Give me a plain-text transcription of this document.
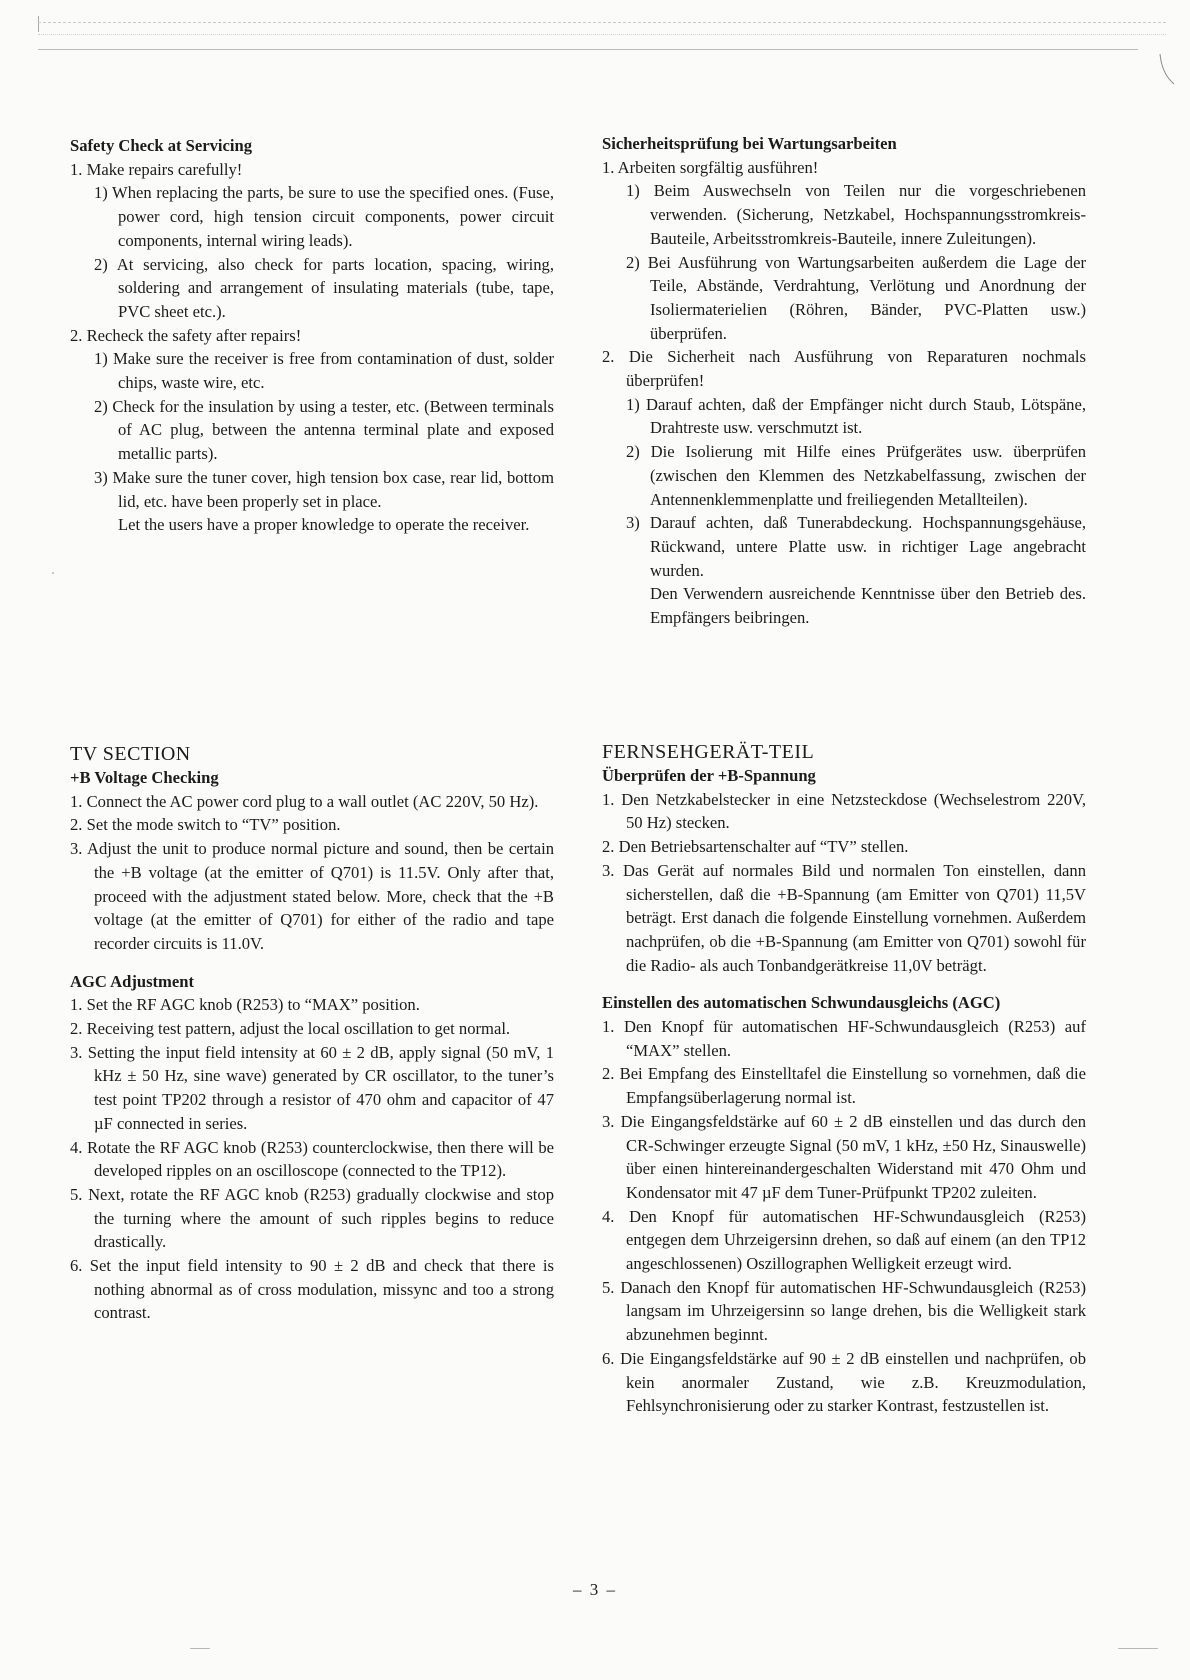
Safety Check at Servicing

1. Make repairs carefully!

1) When replacing the parts, be sure to use the specified ones. (Fuse, power cord, high tension circuit components, power circuit components, internal wiring leads).

2) At servicing, also check for parts location, spacing, wiring, soldering and arrangement of insulating materials (tube, tape, PVC sheet etc.).

2. Recheck the safety after repairs!

1) Make sure the receiver is free from contamination of dust, solder chips, waste wire, etc.

2) Check for the insulation by using a tester, etc. (Between terminals of AC plug, between the antenna terminal plate and exposed metallic parts).

3) Make sure the tuner cover, high tension box case, rear lid, bottom lid, etc. have been properly set in place.

Let the users have a proper knowledge to operate the receiver.

Sicherheitsprüfung bei Wartungsarbeiten

1. Arbeiten sorgfältig ausführen!

1) Beim Auswechseln von Teilen nur die vorgeschriebenen verwenden. (Sicherung, Netzkabel, Hochspannungsstromkreis-Bauteile, Arbeitsstromkreis-Bauteile, innere Zuleitungen).

2) Bei Ausführung von Wartungsarbeiten außerdem die Lage der Teile, Abstände, Verdrahtung, Verlötung und Anordnung der Isoliermaterielien (Röhren, Bänder, PVC-Platten usw.) überprüfen.

2. Die Sicherheit nach Ausführung von Reparaturen nochmals überprüfen!

1) Darauf achten, daß der Empfänger nicht durch Staub, Lötspäne, Drahtreste usw. verschmutzt ist.

2) Die Isolierung mit Hilfe eines Prüfgerätes usw. überprüfen (zwischen den Klemmen des Netzkabelfassung, zwischen der Antennenklemmenplatte und freiliegenden Metallteilen).

3) Darauf achten, daß Tunerabdeckung. Hochspannungsgehäuse, Rückwand, untere Platte usw. in richtiger Lage angebracht wurden.

Den Verwendern ausreichende Kenntnisse über den Betrieb des. Empfängers beibringen.

TV SECTION
+B Voltage Checking

1. Connect the AC power cord plug to a wall outlet (AC 220V, 50 Hz).

2. Set the mode switch to “TV” position.

3. Adjust the unit to produce normal picture and sound, then be certain the +B voltage (at the emitter of Q701) is 11.5V. Only after that, proceed with the adjustment stated below. More, check that the +B voltage (at the emitter of Q701) for either of the radio and tape recorder circuits is 11.0V.

AGC Adjustment

1. Set the RF AGC knob (R253) to “MAX” position.

2. Receiving test pattern, adjust the local oscillation to get normal.

3. Setting the input field intensity at 60 ± 2 dB, apply signal (50 mV, 1 kHz ± 50 Hz, sine wave) generated by CR oscillator, to the tuner’s test point TP202 through a resistor of 470 ohm and capacitor of 47 µF connected in series.

4. Rotate the RF AGC knob (R253) counterclockwise, then there will be developed ripples on an oscilloscope (connected to the TP12).

5. Next, rotate the RF AGC knob (R253) gradually clockwise and stop the turning where the amount of such ripples begins to reduce drastically.

6. Set the input field intensity to 90 ± 2 dB and check that there is nothing abnormal as of cross modulation, missync and too a strong contrast.

FERNSEHGERÄT-TEIL
Überprüfen der +B-Spannung

1. Den Netzkabelstecker in eine Netzsteckdose (Wechselestrom 220V, 50 Hz) stecken.

2. Den Betriebsartenschalter auf “TV” stellen.

3. Das Gerät auf normales Bild und normalen Ton einstellen, dann sicherstellen, daß die +B-Spannung (am Emitter von Q701) 11,5V beträgt. Erst danach die folgende Einstellung vornehmen. Außerdem nachprüfen, ob die +B-Spannung (am Emitter von Q701) sowohl für die Radio- als auch Tonbandgerätkreise 11,0V beträgt.

Einstellen des automatischen Schwundausgleichs (AGC)

1. Den Knopf für automatischen HF-Schwundausgleich (R253) auf “MAX” stellen.

2. Bei Empfang des Einstelltafel die Einstellung so vornehmen, daß die Empfangsüberlagerung normal ist.

3. Die Eingangsfeldstärke auf 60 ± 2 dB einstellen und das durch den CR-Schwinger erzeugte Signal (50 mV, 1 kHz, ±50 Hz, Sinauswelle) über einen hintereinandergeschalten Widerstand mit 470 Ohm und Kondensator mit 47 µF dem Tuner-Prüfpunkt TP202 zuleiten.

4. Den Knopf für automatischen HF-Schwundausgleich (R253) entgegen dem Uhrzeigersinn drehen, so daß auf einem (an den TP12 angeschlossenen) Oszillographen Welligkeit erzeugt wird.

5. Danach den Knopf für automatischen HF-Schwundausgleich (R253) langsam im Uhrzeigersinn so lange drehen, bis die Welligkeit stark abzunehmen beginnt.

6. Die Eingangsfeldstärke auf 90 ± 2 dB einstellen und nachprüfen, ob kein anormaler Zustand, wie z.B. Kreuzmodulation, Fehlsynchronisierung oder zu starker Kontrast, festzustellen ist.

– 3 –
